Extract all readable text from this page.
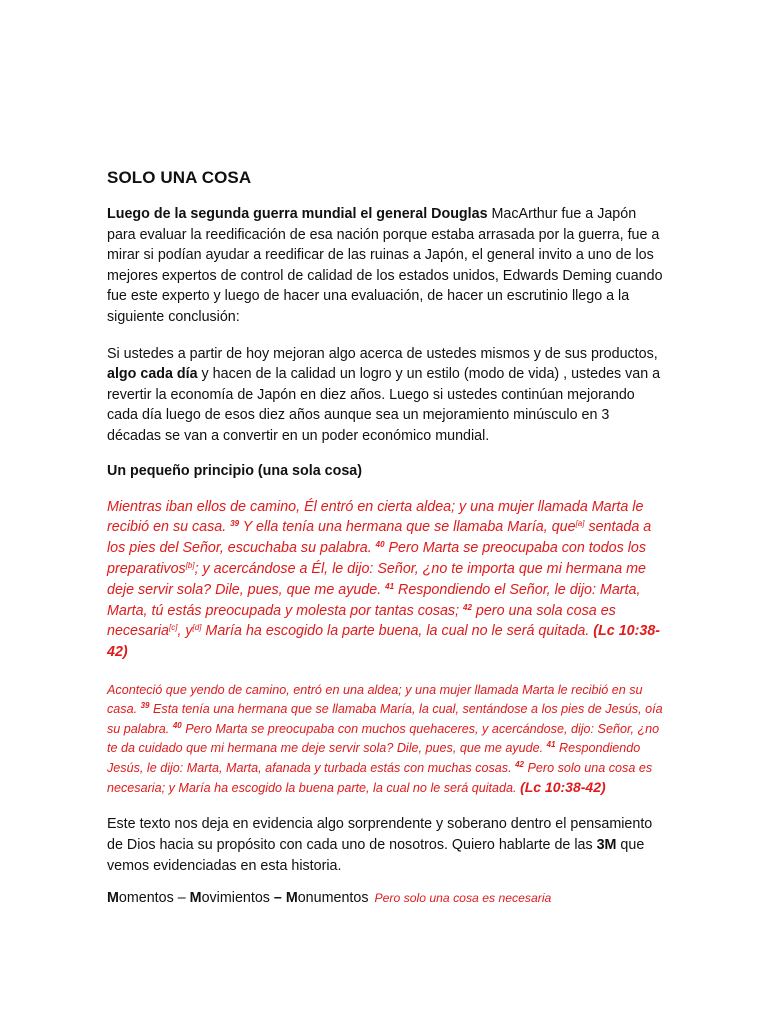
SOLO UNA COSA

Luego de la segunda guerra mundial el general Douglas MacArthur fue a Japón para evaluar la reedificación de esa nación porque estaba arrasada por la guerra, fue a mirar si podían ayudar a reedificar de las ruinas a Japón, el general invito a uno de los mejores expertos de control de calidad de los estados unidos, Edwards Deming cuando fue este experto y luego de hacer una evaluación, de hacer un escrutinio llego a la siguiente conclusión:

Si ustedes a partir de hoy mejoran algo acerca de ustedes mismos y de sus productos, algo cada día y hacen de la calidad un logro y un estilo (modo de vida) , ustedes van a revertir la economía de Japón en diez años. Luego si ustedes continúan mejorando cada día luego de esos diez años aunque sea un mejoramiento minúsculo en 3 décadas se van a convertir en un poder económico mundial.

Un pequeño principio (una sola cosa)

Mientras iban ellos de camino, Él entró en cierta aldea; y una mujer llamada Marta le recibió en su casa. $^{39}$ Y ella tenía una hermana que se llamaba María, que[a] sentada a los pies del Señor, escuchaba su palabra. $^{40}$ Pero Marta se preocupaba con todos los preparativos[b]; y acercándose a Él, le dijo: Señor, ¿no te importa que mi hermana me deje servir sola? Dile, pues, que me ayude. $^{41}$ Respondiendo el Señor, le dijo: Marta, Marta, tú estás preocupada y molesta por tantas cosas; $^{42}$ pero una sola cosa es necesaria[c], y[d] María ha escogido la parte buena, la cual no le será quitada. (Lc 10:38-42)

Aconteció que yendo de camino, entró en una aldea; y una mujer llamada Marta le recibió en su casa. $^{39}$ Esta tenía una hermana que se llamaba María, la cual, sentándose a los pies de Jesús, oía su palabra. $^{40}$ Pero Marta se preocupaba con muchos quehaceres, y acercándose, dijo: Señor, ¿no te da cuidado que mi hermana me deje servir sola? Dile, pues, que me ayude. $^{41}$ Respondiendo Jesús, le dijo: Marta, Marta, afanada y turbada estás con muchas cosas. $^{42}$ Pero solo una cosa es necesaria; y María ha escogido la buena parte, la cual no le será quitada. (Lc 10:38-42)

Este texto nos deja en evidencia algo sorprendente y soberano dentro el pensamiento de Dios hacia su propósito con cada uno de nosotros. Quiero hablarte de las 3M que vemos evidenciadas en esta historia.

Momentos – Movimientos – Monumentos Pero solo una cosa es necesaria
